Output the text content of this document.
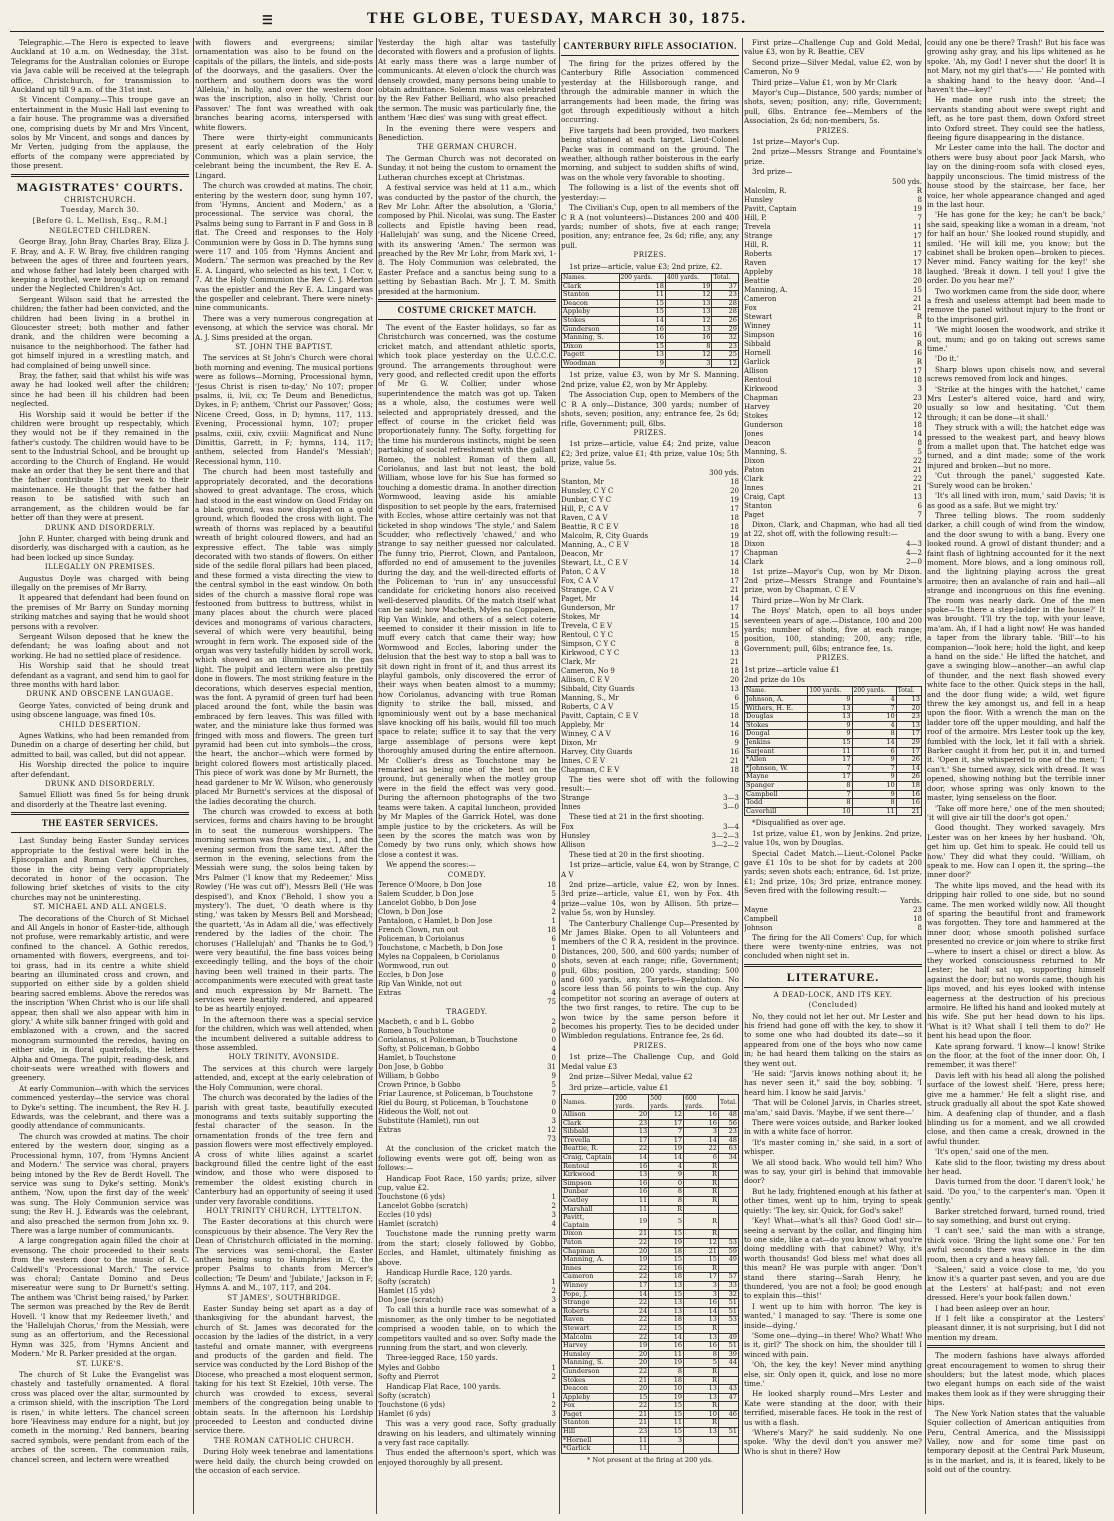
☰	THE GLOBE, TUESDAY, MARCH 30, 1875.

Telegraphic.—The Hero is expected to leave Auckland at 10 a.m. on Wednesday, the 31st. Telegrams for the Australian colonies or Europe via Java cable will be received at the telegraph office, Christchurch, for transmission to Auckland up till 9 a.m. of the 31st inst.

St Vincent Company.—This troupe gave an entertainment in the Music Hall last evening to a fair house. The programme was a diversified one, comprising duets by Mr and Mrs Vincent, solos by Mr Vincent, and songs and dances by Mr Verten, judging from the applause, the efforts of the company were appreciated by those present.

MAGISTRATES' COURTS.
CHRISTCHURCH.
Tuesday, March 30.
[Before G. L. Mellish, Esq., R.M.]
NEGLECTED CHILDREN.

George Bray, John Bray, Charles Bray, Eliza J. F. Bray, and A. F. W. Bray, five children ranging between the ages of three and fourteen years, and whose father had lately been charged with keeping a brothel, were brought up on remand under the Neglected Children's Act.

Sergeant Wilson said that he arrested the children; the father had been convicted, and the children had been living in a brothel in Gloucester street; both mother and father drank, and the children were becoming a nuisance to the neighborhood. The father had got himself injured in a wrestling match, and had complained of being unwell since.

Bray, the father, said that whilst his wife was away he had looked well after the children; since he had been ill his children had been neglected.

His Worship said it would be better if the children were brought up respectably, which they would not be if they remained in the father's custody. The children would have to be sent to the Industrial School, and be brought up according to the Church of England. He would make an order that they be sent there and that the father contribute 15s per week to their maintenance. He thought that the father had reason to be satisfied with such an arrangement, as the children would be far better off than they were at present.

DRUNK AND DISORDERLY.

John F. Hunter, charged with being drunk and disorderly, was discharged with a caution, as he had been locked up since Sunday.

ILLEGALLY ON PREMISES.

Augustus Doyle was charged with being illegally on the premises of Mr Barry.

It appeared that defendant had been found on the premises of Mr Barry on Sunday morning striking matches and saying that he would shoot persons with a revolver.

Sergeant Wilson deposed that he knew the defendant; he was loafing about and not working. He had no settled place of residence.

His Worship said that he should treat defendant as a vagrant, and send him to gaol for three months with hard labor.

DRUNK AND OBSCENE LANGUAGE.

George Yates, convicted of being drunk and using obscene language, was fined 10s.

CHILD DESERTION.

Agnes Watkins, who had been remanded from Dunedin on a charge of deserting her child, but admitted to bail, was called, but did not appear.

His Worship directed the police to inquire after defendant.

DRUNK AND DISORDERLY.

Samuel Elliott was fined 5s for being drunk and disorderly at the Theatre last evening.

THE EASTER SERVICES.

Last Sunday being Easter Sunday services appropriate to the festival were held in the Episcopalian and Roman Catholic Churches, those in the city being very appropriately decorated in honor of the occasion. The following brief sketches of visits to the city churches may not be uninteresting.

ST. MICHAEL AND ALL ANGELS.

The decorations of the Church of St Michael and All Angels in honor of Easter-tide, although not profuse, were remarkably artistic, and were confined to the chancel. A Gothic reredos, ornamented with flowers, evergreens, and toi-toi grass, had in its centre a white shield bearing an illuminated cross and crown, and supported on either side by a golden shield bearing sacred emblems. Above the reredos was the inscription 'When Christ who is our life shall appear, then shall we also appear with him in glory.' A white silk banner fringed with gold and emblazoned with a crown, and the sacred monogram surmounted the reredos, having on either side, in floral quatrefoils, the letters Alpha and Omega. The pulpit, reading-desk, and choir-seats were wreathed with flowers and greenery.

At early Communion—with which the services commenced yesterday—the service was choral to Dyke's setting. The incumbent, the Rev H. J. Edwards, was the celebrant, and there was a goodly attendance of communicants.

The church was crowded at matins. The choir entered by the western door, singing as a Processional hymn, 107, from 'Hymns Ancient and Modern.' The service was choral, prayers being intoned by the Rev de Berdt Hovell. The service was sung to Dyke's setting. Monk's anthem, 'Now, upon the first day of the week' was sung. The Holy Communion service was sung; the Rev H. J. Edwards was the celebrant, and also preached the sermon from John xx. 9. There was a large number of communicants.

A large congregation again filled the choir at evensong. The choir proceeded to their seats from the western door to the music of R. C. Caldwell's 'Processional March.' The service was choral; Cantate Domino and Deus misereatur were sung to Dr Burnett's setting. The anthem was 'Christ being raised,' by Parker. The sermon was preached by the Rev de Berdt Hovell. 'I know that my Redeemer liveth,' and the 'Hallelujah Chorus,' from the Messiah, were sung as an offertorium, and the Recessional Hymn was 325, from 'Hymns Ancient and Modern.' Mr R. Parker presided at the organ.

ST. LUKE'S.

The church of St Luke the Evangelist was chastely and tastefully ornamented. A floral cross was placed over the altar, surmounted by a crimson shield, with the inscription 'The Lord is risen,' in white letters. The chancel screen bore 'Heaviness may endure for a night, but joy cometh in the morning.' Red banners, bearing sacred symbols, were pendant from each of the arches of the screen. The communion rails, chancel screen, and lectern were wreathed

with flowers and evergreens; similar ornamentation was also to be found on the capitals of the pillars, the lintels, and side-posts of the doorways, and the gasaliers. Over the northern and southern doors was the word 'Alleluia,' in holly, and over the western door was the inscription, also in holly, 'Christ our Passover.' The font was wreathed with oak branches bearing acorns, interspersed with white flowers.

There were thirty-eight communicants present at early celebration of the Holy Communion, which was a plain service, the celebrant being the incumbent, the Rev E. A. Lingard.

The church was crowded at matins. The choir, entering by the western door, sung hymn 107, from 'Hymns, Ancient and Modern,' as a processional. The service was choral, the Psalms being sung to Farrant in F and Goss in B flat. The Creed and responses to the Holy Communion were by Goss in D. The hymns sung were 117 and 105 from 'Hymns Ancient and Modern.' The sermon was preached by the Rev E. A. Lingard, who selected as his text, 1 Cor. v, 7. At the Holy Communion the Rev C. J. Merton was the epistler and the Rev E. A. Lingard was the gospeller and celebrant. There were ninety-nine communicants.

There was a very numerous congregation at evensong, at which the service was choral. Mr A. J. Sims presided at the organ.

ST. JOHN THE BAPTIST.

The services at St John's Church were choral both morning and evening. The musical portions were as follows—Morning, Processional hymn, 'Jesus Christ is risen to-day,' No 107; proper psalms, ii, lvii, cx; Te Deum and Benedictus, Dykes, in F; anthem, 'Christ our Passover,' Goss; Nicene Creed, Goss, in D; hymns, 117, 113. Evening, Processional hymn, 107; proper psalms, cxiii, cxiv, cxviii: Magnificat and Nunc Dimittis, Garrett, in F; hymns, 114, 117; anthem, selected from Handel's 'Messiah'; Recessional hymn, 110.

The church had been most tastefully and appropriately decorated, and the decorations showed to great advantage. The cross, which had stood in the east window on Good Friday on a black ground, was now displayed on a gold ground, which flooded the cross with light. The wreath of thorns was replaced by a beautiful wreath of bright coloured flowers, and had an expressive effect. The table was simply decorated with two stands of flowers. On either side of the sedile floral pillars had been placed, and these formed a vista directing the view to the central symbol in the east window. On both sides of the church a massive floral rope was festooned from buttress to buttress, whilst in many places about the church were placed devices and monograms of various characters, several of which were very beautiful, being wrought in fern work. The exposed side of the organ was very tastefully hidden by scroll work, which showed as an illumination in the gas light. The pulpit and lectern were also prettily done in flowers. The most striking feature in the decorations, which deserves especial mention, was the font. A pyramid of green turf had been placed around the font, while the basin was embraced by fern leaves. This was filled with water, and the miniature lake thus formed was fringed with moss and flowers. The green turf pyramid had been cut into symbols—the cross, the heart, the anchor—which were formed by bright colored flowers most artistically placed. This piece of work was done by Mr Burnett, the head gardener to Mr W. Wilson, who generously placed Mr Burnett's services at the disposal of the ladies decorating the church.

The church was crowded to excess at both services, forms and chairs having to be brought in to seat the numerous worshippers. The morning sermon was from Rev. xix., 1, and the evening sermon from the same text. After the sermon in the evening, selections from the Messiah were sung, the solos being taken by Mrs Palmer ('I know that my Redeemer,' Miss Rowley ('He was cut off'), Messrs Bell ('He was despised'), and Knox ('Behold, I show you a mystery'). The duet, 'O death where is thy sting,' was taken by Messrs Bell and Morshead; the quartett, 'As in Adam all die,' was effectively rendered by the ladies of the choir. The choruses ('Hallelujah' and 'Thanks be to God,') were very beautiful, the fine bass voices being exceedingly telling, and the boys of the choir having been well trained in their parts. The accompaniments were executed with great taste and much expression by Mr Barnett. The services were heartily rendered, and appeared to be as heartily enjoyed.

In the afternoon there was a special service for the children, which was well attended, when the incumbent delivered a suitable address to those assembled.

HOLY TRINITY, AVONSIDE.

The services at this church were largely attended, and, except at the early celebration of the Holy Communion, were choral.

The church was decorated by the ladies of the parish with great taste, beautifully executed monograms and texts suitably supporting the festal character of the season. In the ornamentation fronds of the tree fern and passion flowers were most effectively employed. A cross of white lilies against a scarlet background filled the centre light of the east window, and those who were disposed to remember the oldest existing church in Canterbury had an opportunity of seeing it used under very favorable conditions.

HOLY TRINITY CHURCH, LYTTELTON.

The Easter decorations at this church were conspicuous by their absence. The Very Rev the Dean of Christchurch officiated in the morning. The services was semi-choral, the Easter anthem being sung to Humphries in C, the proper Psalms to chants from Mercer's collection; 'Te Deum' and 'Jubilate,' Jackson in F; Hymns A. and M., 107, 117, and 204.

ST JAMES', SOUTHBRIDGE.

Easter Sunday being set apart as a day of thanksgiving for the abundant harvest, the church of St. James was decorated for the occasion by the ladies of the district, in a very tasteful and ornate manner, with evergreens and products of the garden and field. The service was conducted by the Lord Bishop of the Diocese, who preached a most eloquent sermon, taking for his text St Ezekiel, 10th verse. The church was crowded to excess, several members of the congregation being unable to obtain seats. In the afternoon his Lordship proceeded to Leeston and conducted divine service there.

THE ROMAN CATHOLIC CHURCH.

During Holy week tenebrae and lamentations were held daily, the church being crowded on the occasion of each service.

Yesterday the high altar was tastefully decorated with flowers and a profusion of lights. At early mass there was a large number of communicants. At eleven o'clock the church was densely crowded, many persons being unable to obtain admittance. Solemn mass was celebrated by the Rev Father Belliard, who also preached the sermon. The music was particularly fine, the anthem 'Hæc dies' was sung with great effect.

In the evening there were vespers and Benediction.

THE GERMAN CHURCH.

The German Church was not decorated on Sunday, it not being the custom to ornament the Lutheran churches except at Christmas.

A festival service was held at 11 a.m., which was conducted by the pastor of the church, the Rev Mr Lohr. After the absolution, a 'Gloria,' composed by Phil. Nicolai, was sung. The Easter collects and Epistle having been read, 'Hallelujah' was sung, and the Nicene Creed, with its answering 'Amen.' The sermon was preached by the Rev Mr Lohr, from Mark xvi, 1-8. The Holy Communion was celebrated, the Easter Preface and a sanctus being sung to a setting by Sebastian Bach. Mr J. T. M. Smith presided at the harmonium.

COSTUME CRICKET MATCH.

The event of the Easter holidays, so far as Christchurch was concerned, was the costume cricket match, and attendant athletic sports, which took place yesterday on the U.C.C.C. ground. The arrangements throughout were very good, and reflected credit upon the efforts of Mr G. W. Collier, under whose superintendence the match was got up. Taken as a whole, also, the costumes were well selected and appropriately dressed, and the effect of course in the cricket field was proportionately funny. The Softy, forgetting for the time his murderous instincts, might be seen partaking of social refreshment with the gallant Romeo, the noblest Roman of them all, Coriolanus, and last but not least, the bold William, whose love for his Sue has formed so touching a domestic drama. In another direction Wormwood, leaving aside his amiable disposition to set people by the ears, fraternised with Eccles, whose attire certainly was not that ticketed in shop windows 'The style,' and Salem Scudder, who reflectively 'chawed,' and who strange to say neither guessed nor calculated. The funny trio, Pierrot, Clown, and Pantaloon, afforded no end of amusement to the juveniles during the day, and the well-directed efforts of the Policeman to 'run in' any unsuccessful candidate for cricketing honors also received well-deserved plaudits. Of the match itself what can be said; how Macbeth, Myles na Coppaleen, Rip Van Winkle, and others of a select coterie seemed to consider it their mission in life to muff every catch that came their way; how Wormwood and Eccles, laboring under the delusion that the best way to stop a ball was to sit down right in front of it, and thus arrest its playful gambols, only discovered the error of their ways when beaten almost to a mummy; how Coriolanus, advancing with true Roman dignity to strike the ball, missed, and ignominiously went out by a base mechanical slave knocking off his bails, would fill too much space to relate; suffice it to say that the very large assemblage of persons were kept thoroughly amused during the entire afternoon. Mr Collier's dress as Touchstone may be remarked as being one of the best on the ground, but generally when the motley group were in the field the effect was very good. During the afternoon photographs of the two teams were taken. A capital luncheon, provided by Mr Maples of the Garrick Hotel, was done ample justice to by the cricketers. As will be seen by the scores the match was won by Comedy by two runs only, which shows how close a contest it was.

We append the scores:—

COMEDY.
Terence O'Moore, b Don Jose	18
Salem Scudder, b Don Jose	5
Lancelot Gobbo, b Don Jose	4
Clown, b Don Jose	2
Pantaloon, c Hamlet, b Don Jose	1
French Clown, run out	18
Policeman, b Coriolanus	6
Touchstone, c Macbeth, b Don Jose	1
Myles na Coppaleen, b Coriolanus	0
Wormwood, run out	0
Eccles, b Don Jose	0
Rip Van Winkle, not out	0
Extras	4
75
TRAGEDY.
Macbeth, c and b L. Gobbo	2
Romeo, b Touchstone	0
Coriolanus, st Policeman, b Touchstone	0
Softy, st Policeman, b Gobbo	4
Hamlet, b Touchstone	0
Don Jose, b Gobbo	31
William, b Gobbo	9
Crown Prince, b Gobbo	5
Friar Laurence, st Policeman, b Touchstone	7
Riel du Bourg, st Policeman, b Touchstone	0
Hideous the Wolf, not out	0
Substitute (Hamlet), run out	3
Extras	12
73

At the conclusion of the cricket match the following events were got off, being won as follows:—

Handicap Foot Race, 150 yards; prize, silver cup, value £2.

Touchstone (6 yds)	1
Lancelot Gobbo (scratch)	2
Eccles (10 yds)	3
Hamlet (scratch)	4

Touchstone made the running pretty warm from the start; closely followed by Gobbo, Eccles, and Hamlet, ultimately finishing as above.

Handicap Hurdle Race, 120 yards.

Softy (scratch)	1
Hamlet (15 yds)	2
Don Jose (scratch)	3

To call this a hurdle race was somewhat of a misnomer, as the only timber to be negotiated comprised a wooden table, on to which the competitors vaulted and so over. Softy made the running from the start, and won cleverly.

Three-legged Race, 150 yards.

Myles and Gobbo	1
Softy and Pierrot	2

Handicap Flat Race, 100 yards.

Softy (scratch)	1
Touchstone (6 yds)	2
Hamlet (6 yds)	3

This was a very good race, Softy gradually drawing on his leaders, and ultimately winning a very fast race capitally.

Thus ended the afternoon's sport, which was enjoyed thoroughly by all present.

CANTERBURY RIFLE ASSOCIATION.

The firing for the prizes offered by the Canterbury Rifle Association commenced yesterday at the Hillsborough range, and through the admirable manner in which the arrangements had been made, the firing was got through expeditiously without a hitch occurring.

Five targets had been provided, two markers being stationed at each target. Lieut-Colonel Packe was in command on the ground. The weather, although rather boisterous in the early morning, and subject to sudden shifts of wind, was on the whole very favorable to shooting.

The following is a list of the events shot off yesterday:—

The Civilian's Cup, open to all members of the C R A (not volunteers)—Distances 200 and 400 yards; number of shots, five at each range; position, any; entrance fee, 2s 6d; rifle, any, any pull.

PRIZES.

1st prize—article, value £3; 2nd prize, £2.

Names.	200 yards.	400 yards.	Total.
Clark	18	19	37
Stanton	11	12	23
Deacon	15	13	28
Appleby	15	13	28
Stokes	14	12	26
Gunderson	16	13	29
Manning, S.	16	16	32
Dixon	15	8	23
Pagett	13	12	25
Woodman	9	3	12

1st prize, value £3, won by Mr S. Manning. 2nd prize, value £2, won by Mr Appleby.

The Association Cup, open to Members of the C R A only—Distance, 300 yards; number of shots, seven; position, any; entrance fee, 2s 6d; rifle, Government; pull, 6lbs.

PRIZES.

1st prize—article, value £4; 2nd prize, value £2; 3rd prize, value £1; 4th prize, value 10s; 5th prize, value 5s.

300 yds.
Stanton, Mr	18
Hunsley, C Y C	20
Dunbar, C Y C	19
Hill, P., C A V	17
Raven, C A V	18
Beattie, R C E V	18
Malcolm, R, City Guards	19
Manning, A., C E V	18
Deacon, Mr	17
Stewart, Lt., C E V	14
Paton, C A V	18
Fox, C A V	17
Strange, C A V	21
Paget, Mr	14
Gunderson, Mr	17
Stokes, Mr	14
Trevela, C E V	15
Rentoul, C Y C	15
Simpson, C Y C	8
Kirkwood, C Y C	13
Clark, Mr	21
Cameron, No 9	18
Allison, C E V	20
Sibbald, City Guards	13
Manning, S., Mr	6
Roberts, C A V	15
Pavitt, Captain, C E V	18
Appleby, Mr	14
Winney, C A V	16
Dixon, Mr	9
Harvey, City Guards	16
Innes, C E V	21
Chapman, C E V	18

The ties were shot off with the following result:—

Strange	3—3
Innes	3—0

These tied at 21 in the first shooting.

Fox	3—4
Hunsley	3—2—3
Allison	3—2—2

These tied at 20 in the first shooting.

1st prize—article, value £4, won by Strange, C A V

2nd prize—article, value £2, won by Innes. 3rd prize—article, value £1, won by Fox. 4th prize—value 10s, won by Allison. 5th prize—value 5s, won by Hunsley.

The Canterbury Challenge Cup—Presented by Mr James Blake. Open to all Volunteers and members of the C R A, resident in the province. Distances, 200, 500, and 600 yards; number of shots, seven at each range; rifle, Government; pull, 6lbs; position, 200 yards, standing; 500 and 600 yards, any. Targets—Regulation. No score less than 56 points to win the cup. Any competitor not scoring an average of outers at the two first ranges, to retire. The cup to be won twice by the same person before it becomes his property. Ties to be decided under Wimbledon regulations. Entrance fee, 2s 6d.

PRIZES.

1st prize—The Challenge Cup, and Gold Medal value £3

2nd prize—Silver Medal, value £2

3rd prize—article, value £1

Names.	200 yards.	500 yards.	600 yards.	Total.
Allison	20	12	16	48
Clark	23	17	16	56
Sibbald	13	7	3	23
Trevella	17	17	14	48
Beattie, R.	22	19	22	63
Craig, Captain	14	14	6	34
Rentoul	16	4	R	
Kirkwood	13	9	R	
Simpson	16	0	R	
Dunbar	16	8	R	
Coatley	11	8	R	
Marshall	11	R		
Pavitt, Captain	19	5	R	
Dixon	21	15	R	
Paton	22	19	12	53
Chapman	20	18	21	59
Manning, A.	19	15	15	49
Innes	22	16	R	
Cameron	22	18	17	57
Winney	17	13	3	33
Pope, J.	14	15	3	32
Strange	22	13	16	51
Roberts	24	13	14	51
Raven	22	18	13	53
Stewart	22	15	R	
Malcolm	22	14	13	49
Harvey	19	16	16	51
Hunsley	20	11	8	39
Manning, S.	20	19	5	44
Gunderson	22	8	R	
Stokes	21	18	R	
Deacon	20	10	13	43
Appleby	15	19	13	47
Fox	22	15	R	
Paget	21	15	10	46
Stanton	21	11	R	
Hill	23	15	13	51
*Hornell	11	3		
*Garlick	11			
* Not present at the firing at 200 yds.

First prize—Challenge Cup and Gold Medal, value £3, won by R. Beattie, CEV

Second prize—Silver Medal, value £2, won by Cameron, No 9

Third prize—Value £1, won by Mr Clark

Mayor's Cup—Distance, 500 yards; number of shots, seven; position, any; rifle, Government; pull, 6lbs. Entrance fee—Members of the Association, 2s 6d; non-members, 5s.

PRIZES.

1st prize—Mayor's Cup.

2nd prize—Messrs Strange and Fountaine's prize.

3rd prize—

500 yds.
Malcolm, R.	R
Hunsley	8
Pavitt, Captain	19
Hill, P.	7
Trevela	11
Strange	17
Hill, R.	11
Roberts	17
Raven	17
Appleby	18
Beattie	20
Manning, A.	15
Cameron	21
Fox	21
Stewart	R
Winney	11
Simpson	16
Sibbald	R
Hornell	16
Garlick	R
Allison	17
Rentoul	18
Kirkwood	3
Chapman	23
Harvey	20
Stokes	12
Gunderson	18
Jones	14
Deacon	8
Manning, S.	5
Dixon	22
Paton	21
Clark	22
Innes	21
Craig, Capt	13
Stanton	6
Paget	7

Dixon, Clark, and Chapman, who had all tied at 22, shot off, with the following result:—

Dixon	4—3
Chapman	4—2
Clark	2—0

1st prize—Mayor's Cup, won by Mr Dixon. 2nd prize—Messrs Strange and Fountaine's prize, won by Chapman, C E V

Third prize—Won by Mr Clark.

The Boys' Match, open to all boys under seventeen years of age.—Distance, 100 and 200 yards; number of shots, five at each range; position, 100, standing; 200, any; rifle, Government; pull, 6lbs; entrance fee, 1s.

PRIZES.

1st prize—article value £1

2nd prize do 10s

Name.	100 yards.	200 yards.	Total.
Johnson, A.	9	4	13
Withers, H. E.	13	7	20
Douglas	13	10	23
Stokes	9	4	13
Dougal	9	8	17
Jenkins	15	14	29
Sarjeant	11	6	17
*Allen	17	9	26
*Johnson, W.	7	7	14
Mayne	17	9	26
Spanger	8	10	18
Campbell	7	9	16
Todd	8	8	16
Caverhill	10	11	21

*Disqualified as over age.

1st prize, value £1, won by Jenkins. 2nd prize, value 10s, won by Douglas.

Special Cadet Match.—Lieut.-Colonel Packe gave £1 10s to be shot for by cadets at 200 yards; seven shots each; entrance, 6d. 1st prize, £1; 2nd prize, 10s; 3rd prize, entrance money. Seven fired with the following result:—

Yards.
Mayne	23
Campbell	18
Johnson	8

The firing for the All Comers' Cup, for which there were twenty-nine entries, was not concluded when night set in.

LITERATURE.
A DEAD-LOCK, AND ITS KEY.
(Concluded)

No, they could not let her out. Mr Lester and his friend had gone off with the key, to show it to some one who had doubted its date—so it appeared from one of the boys who now came in; he had heard them talking on the stairs as they went out.

'He said: "Jarvis knows nothing about it; he has never seen it," said the boy, sobbing. 'I heard him. I know he said Jarvis.'

'That will be Colonel Jarvis, in Charles street, ma'am,' said Davis. 'Maybe, if we sent there—'

There were voices outside, and Barker looked in with a white face of horror.

'It's master coming in,' she said, in a sort of whisper.

We all stood back. Who would tell him? Who was to say, your girl is behind that immovable door?

But he lady, frightened enough at his father at other times, went up to him, trying to speak quietly: 'The key, sir. Quick, for God's sake!'

'Key! What—what's all this? Good God! sir—seeing a servant by the collar, and flinging him to one side, like a cat—do you know what you're doing meddling with that cabinet? Why, it's worth thousands! God bless me! what does all this mean? He was purple with anger. 'Don't stand there staring—Sarah Henry, he thundered, 'you are not a fool; be good enough to explain this—this!'

I went up to him with horror. 'The key is wanted,' I managed to say. 'There is some one inside—dying.'

'Some one—dying—in there! Who? What! Who is it, girl?' The shock on him, the shoulder till I winced with pain.

'Oh, the key, the key! Never mind anything else, sir. Only open it, quick, and lose no more time.'

He looked sharply round—Mrs Lester and Kate were standing at the door, with their terrified, miserable faces. He took in the rest of us with a flash.

'Where's Mary?' he said suddenly. No one spoke. 'Why the devil don't you answer me? Who is shut in there? How

could any one be there? Trash!' But his face was growing ashy gray, and his lips whitened as he spoke. 'Ah, my God! I never shut the door! It is not Mary, not my girl that's——' He pointed with a shaking hand to the heavy door. 'And—I haven't the—key!'

He made one rush into the street; the servants standing about were swept right and left, as he tore past them, down Oxford street into Oxford street. They could see the hatless, fleeing figure disappearing in the distance.

Mr Lester came into the hall. The doctor and others were busy about poor Jack Marsh, who lay on the dining-room sofa with closed eyes, happily unconscious. The timid mistress of the house stood by the staircase, her face, her voice, her whole appearance changed and aged in the last hour.

'He has gone for the key; he can't be back,' she said, speaking like a woman in a dream, 'not for half an hour.' She looked round stupidly, and smiled. 'He will kill me, you know; but the cabinet shall be broken open—broken to pieces. Never mind. Fancy waiting for the key!' she laughed. 'Break it down. I tell you! I give the order. Do you hear me?'

Two workmen came from the side door, where a fresh and useless attempt had been made to remove the panel without injury to the front or to the imprisoned girl.

'We might loosen the woodwork, and strike it out, mum; and go on taking out screws same time.'

'Do it.'

Sharp blows upon chisels now, and several screws removed from lock and hinges.

'Strike at the hinges with the hatchet,' came Mrs Lester's altered voice, hard and wiry, usually so low and hesitating. 'Cut them through; it can be done—it shall.'

They struck with a will; the hatchet edge was pressed to the weakest part, and heavy blows from a mallet upon that. The hatchet edge was turned, and a dint made; some of the work injured and broken—but no more.

'Cut through the panel,' suggested Kate. 'Surely wood can be broken.'

'It's all lined with iron, mum,' said Davis; 'it is as good as a safe. But we might try.'

Three telling blows. The room suddenly darker, a chill cough of wind from the window, and the door swung to with a bang. Every one looked round. A growl of distant thunder; and a faint flash of lightning accounted for it the next moment. More blows, and a long ominous roll, and the lightning playing across the great armoire; then an avalanche of rain and hail—all strange and incongruous on this fine evening. The room was nearly dark. One of the men spoke—'Is there a step-ladder in the house?' It was brought. 'I'll try the top, with your leave, ma'am. Ah, if I had a light now! He was handed a taper from the library table. 'Bill'—to his companion—'look here; hold the light, and keep a hand on the side.' He lifted the hatchet, and gave a swinging blow—another—an awful clap of thunder, and the next flash showed every white face to the other. Quick steps in the hall, and the door flung wide; a wild, wet figure threw the key amongst us, and fell in a heap upon the floor. With a wrench the man on the ladder tore off the upper moulding, and half the roof of the armoire. Mrs Lester took up the key, fumbled with the lock, let it fall with a shriek. Barker caught it from her, put it in, and turned it. 'Open it, she whispered to one of the men; 'I can't.' She turned away, sick with dread. It was opened, showing nothing but the terrible inner door, whose spring was only known to the master, lying senseless on the floor.

'Take off more here,' one of the men shouted; 'it will give air till the door's got open.'

Good thought. They worked savagely. Mrs Lester was on her knees by her husband. 'Oh, get him up. Get him to speak. He could tell us how.' They did what they could. 'William, oh speak to me. How can I open it, the spring—the inner door?'

The white lips moved, and the head with its dripping hair rolled to one side, but no sound came. The men worked wildly now. All thought of sparing the beautiful front and framework was forgotten. They tore and hammered at the inner door, whose smooth polished surface presented no crevice or join where to strike first—where to insert a chisel or direct a blow. As they worked consciousness returned to Mr Lester; he half sat up, supporting himself against the door; but no words came, though his lips moved, and his eyes looked with intense eagerness at the destruction of his precious armoire. He lifted his hand and looked mutely at his wife. She put her head down to his lips. 'What is it? What shall I tell them to do?' He bent his head upon the floor.

Kate sprang forward. 'I know—I know! Strike on the floor, at the foot of the inner door. Oh, I remember, it was there!'

Davis left with his head all along the polished surface of the lowest shelf. 'Here, press here; give me a hammer.' He felt a slight rise, and struck gradually all about the spot Kate showed him. A deafening clap of thunder, and a flash blinding us for a moment, and we all crowded close, and then came a creak, drowned in the awful thunder.

'It's open,' said one of the men.

Kate slid to the floor, twisting my dress about her head.

Davis turned from the door. 'I daren't look,' he said. 'Do you,' to the carpenter's man. 'Open it gently.'

Barker stretched forward, turned round, tried to say something, and burst out crying.

'I can't see,' said the man with a strange, thick voice. 'Bring the light some one.' For ten awful seconds there was silence in the dim room, then a cry and a heavy fall.

'Saleen,' said a voice close to me, 'do you know it's a quarter past seven, and you are due at the Lesters' at half-past; and not even dressed. Here's your book fallen down.'

I had been asleep over an hour.

If I felt like a conspirator at the Lesters' pleasant dinner, it is not surprising, but I did not mention my dream.

The modern fashions have always afforded great encouragement to women to shrug their shoulders; but the latest mode, which places two elegant humps on each side of the waist makes them look as if they were shrugging their hips.

The New York Nation states that the valuable Squier collection of American antiquities from Peru, Central America, and the Mississippi Valley, now and for some time past on temporary deposit at the Central Park Museum, is in the market, and is, it is feared, likely to be sold out of the country.
